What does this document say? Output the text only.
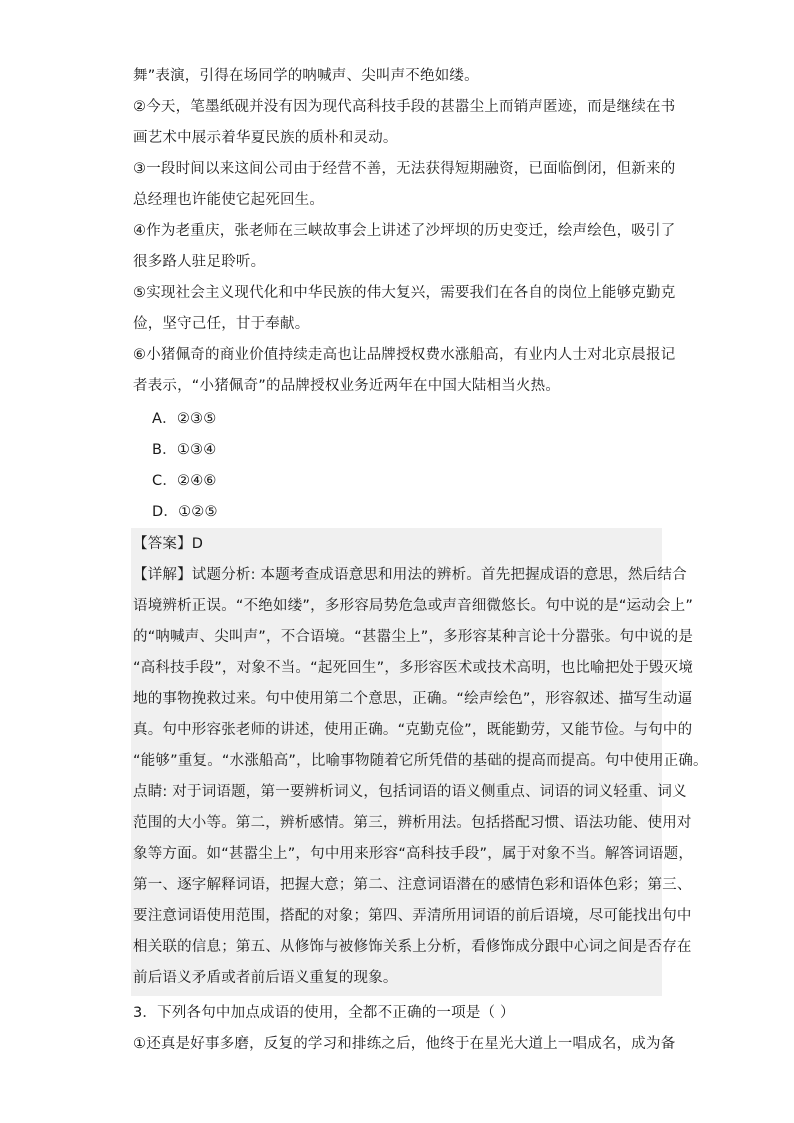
舞”表演，引得在场同学的呐喊声、尖叫声不绝如缕。
②今天，笔墨纸砚并没有因为现代高科技手段的甚嚣尘上而销声匿迹，而是继续在书
画艺术中展示着华夏民族的质朴和灵动。
③一段时间以来这间公司由于经营不善，无法获得短期融资，已面临倒闭，但新来的
总经理也许能使它起死回生。
④作为老重庆，张老师在三峡故事会上讲述了沙坪坝的历史变迁，绘声绘色，吸引了
很多路人驻足聆听。
⑤实现社会主义现代化和中华民族的伟大复兴，需要我们在各自的岗位上能够克勤克
俭，坚守己任，甘于奉献。
⑥小猪佩奇的商业价值持续走高也让品牌授权费水涨船高，有业内人士对北京晨报记
者表示，“小猪佩奇”的品牌授权业务近两年在中国大陆相当火热。
A．②③⑤
B．①③④
C．②④⑥
D．①②⑤
【答案】D
【详解】试题分析: 本题考查成语意思和用法的辨析。首先把握成语的意思，然后结合
语境辨析正误。“不绝如缕”，多形容局势危急或声音细微悠长。句中说的是“运动会上”
的“呐喊声、尖叫声”，不合语境。“甚嚣尘上”，多形容某种言论十分嚣张。句中说的是
“高科技手段”，对象不当。“起死回生”，多形容医术或技术高明，也比喻把处于毁灭境
地的事物挽救过来。句中使用第二个意思，正确。“绘声绘色”，形容叙述、描写生动逼
真。句中形容张老师的讲述，使用正确。“克勤克俭”，既能勤劳，又能节俭。与句中的
“能够”重复。“水涨船高”，比喻事物随着它所凭借的基础的提高而提高。句中使用正确。
点睛: 对于词语题，第一要辨析词义，包括词语的语义侧重点、词语的词义轻重、词义
范围的大小等。第二，辨析感情。第三，辨析用法。包括搭配习惯、语法功能、使用对
象等方面。如“甚嚣尘上”，句中用来形容“高科技手段”，属于对象不当。解答词语题，
第一、逐字解释词语，把握大意；第二、注意词语潜在的感情色彩和语体色彩；第三、
要注意词语使用范围，搭配的对象；第四、弄清所用词语的前后语境，尽可能找出句中
相关联的信息；第五、从修饰与被修饰关系上分析，看修饰成分跟中心词之间是否存在
前后语义矛盾或者前后语义重复的现象。
3．下列各句中加点成语的使用，全都不正确的一项是（ ）
①还真是好事多磨，反复的学习和排练之后，他终于在星光大道上一唱成名，成为备
